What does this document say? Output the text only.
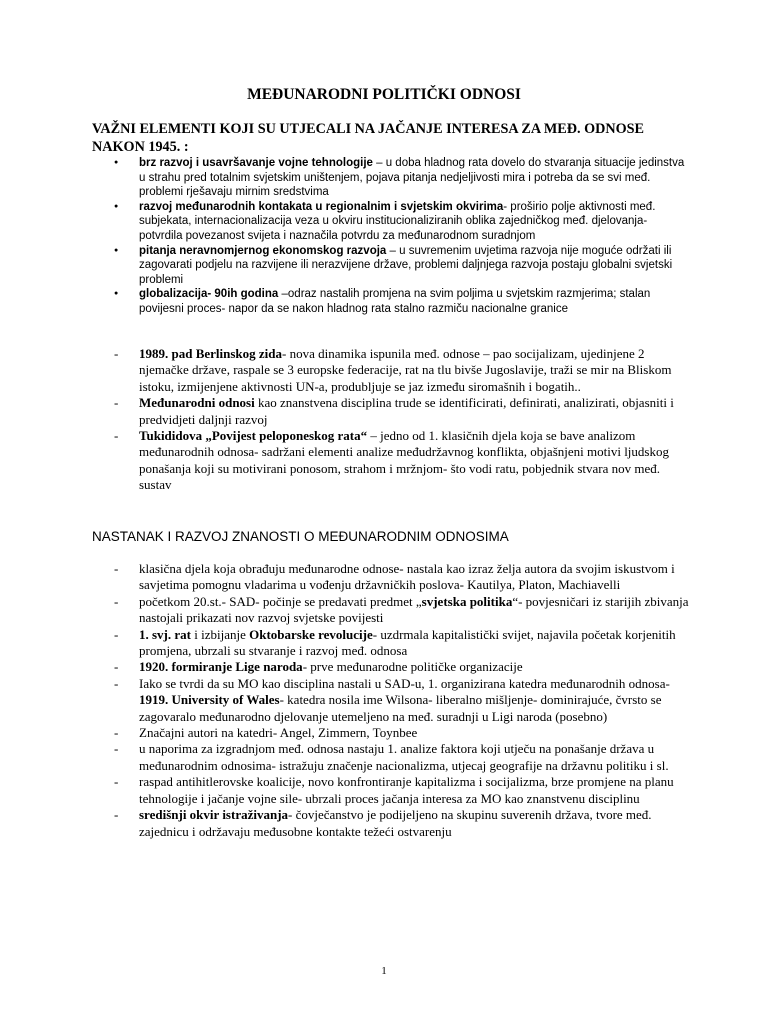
MEĐUNARODNI POLITIČKI ODNOSI
VAŽNI ELEMENTI KOJI SU UTJECALI NA JAČANJE INTERESA ZA MEĐ. ODNOSE NAKON 1945. :
● brz razvoj i usavršavanje vojne tehnologije – u doba hladnog rata dovelo do stvaranja situacije jedinstva u strahu pred totalnim svjetskim uništenjem, pojava pitanja nedjeljivosti mira i potreba da se svi međ. problemi rješavaju mirnim sredstvima
● razvoj međunarodnih kontakata u regionalnim i svjetskim okvirima- proširio polje aktivnosti međ. subjekata, internacionalizacija veza u okviru institucionaliziranih oblika zajedničkog međ. djelovanja- potvrdila povezanost svijeta i naznačila potvrdu za međunarodnom suradnjom
● pitanja neravnomjernog ekonomskog razvoja – u suvremenim uvjetima razvoja nije moguće održati ili zagovarati podjelu na razvijene ili nerazvijene države, problemi daljnjega razvoja postaju globalni svjetski problemi
● globalizacija- 90ih godina –odraz nastalih promjena na svim poljima u svjetskim razmjerima; stalan povijesni proces- napor da se nakon hladnog rata stalno razmiču nacionalne granice
- 1989. pad Berlinskog zida- nova dinamika ispunila međ. odnose – pao socijalizam, ujedinjene 2 njemačke države, raspale se 3 europske federacije, rat na tlu bivše Jugoslavije, traži se mir na Bliskom istoku, izmijenjene aktivnosti UN-a, produbljuje se jaz između siromašnih i bogatih..
- Međunarodni odnosi kao znanstvena disciplina trude se identificirati, definirati, analizirati, objasniti i predvidjeti daljnji razvoj
- Tukididova „Povijest peloponeskog rata“ – jedno od 1. klasičnih djela koja se bave analizom međunarodnih odnosa- sadržani elementi analize međudržavnog konflikta, objašnjeni motivi ljudskog ponašanja koji su motivirani ponosom, strahom i mržnjom- što vodi ratu, pobjednik stvara nov međ. sustav
NASTANAK I RAZVOJ ZNANOSTI O MEĐUNARODNIM ODNOSIMA
- klasična djela koja obrađuju međunarodne odnose- nastala kao izraz želja autora da svojim iskustvom i savjetima pomognu vladarima u vođenju državničkih poslova- Kautilya, Platon, Machiavelli
- početkom 20.st.- SAD- počinje se predavati predmet „svjetska politika“- povjesničari iz starijih zbivanja nastojali prikazati nov razvoj svjetske povijesti
- 1. svj. rat i izbijanje Oktobarske revolucije- uzdrmala kapitalistički svijet, najavila početak korjenitih promjena, ubrzali su stvaranje i razvoj međ. odnosa
- 1920. formiranje Lige naroda- prve međunarodne političke organizacije
- Iako se tvrdi da su MO kao disciplina nastali u SAD-u, 1. organizirana katedra međunarodnih odnosa- 1919. University of Wales- katedra nosila ime Wilsona- liberalno mišljenje- dominirajuće, čvrsto se zagovaralo međunarodno djelovanje utemeljeno na međ. suradnji u Ligi naroda (posebno)
- Značajni autori na katedri- Angel, Zimmern, Toynbee
- u naporima za izgradnjom međ. odnosa nastaju 1. analize faktora koji utječu na ponašanje država u međunarodnim odnosima- istražuju značenje nacionalizma, utjecaj geografije na državnu politiku i sl.
- raspad antihitlerovske koalicije, novo konfrontiranje kapitalizma i socijalizma, brze promjene na planu tehnologije i jačanje vojne sile- ubrzali proces jačanja interesa za MO kao znanstvenu disciplinu
- središnji okvir istraživanja- čovječanstvo je podijeljeno na skupinu suverenih država, tvore međ. zajednicu i održavaju međusobne kontakte težeći ostvarenju
1
